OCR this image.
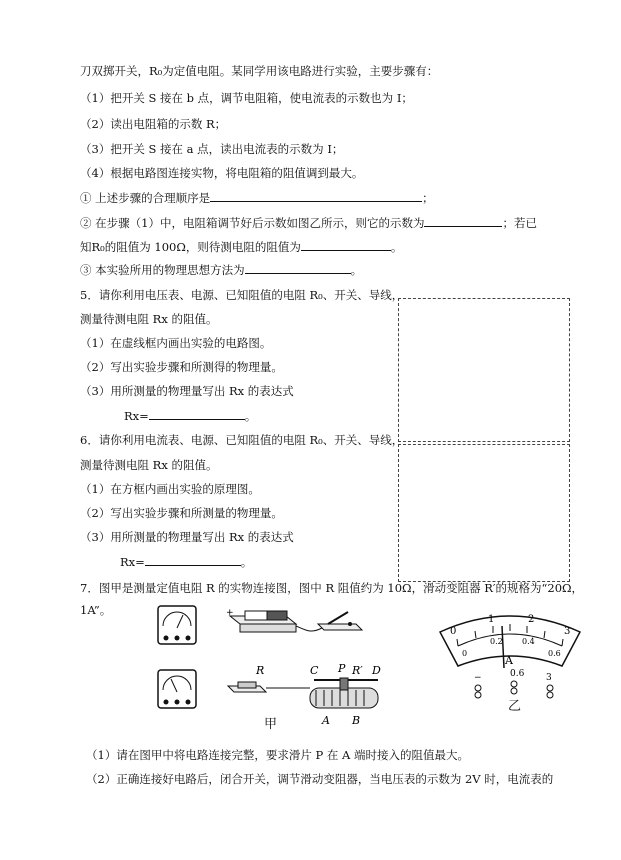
刀双掷开关，R₀为定值电阻。某同学用该电路进行实验，主要步骤有：
（1）把开关 S 接在 b 点，调节电阻箱，使电流表的示数也为 I；
（2）读出电阻箱的示数 R；
（3）把开关 S 接在 a 点，读出电流表的示数为 I；
（4）根据电路图连接实物，将电阻箱的阻值调到最大。
① 上述步骤的合理顺序是	；
② 在步骤（1）中，电阻箱调节好后示数如图乙所示，则它的示数为	；若已
知R₀的阻值为 100Ω，则待测电阻的阻值为	。
③ 本实验所用的物理思想方法为	。
5．请你利用电压表、电源、已知阻值的电阻 R₀、开关、导线，
测量待测电阻 Rx 的阻值。
（1）在虚线框内画出实验的电路图。
（2）写出实验步骤和所测得的物理量。
（3）用所测量的物理量写出 Rx 的表达式
Rx=	。
6．请你利用电流表、电源、已知阻值的电阻 R₀、开关、导线，
测量待测电阻 Rx 的阻值。
（1）在方框内画出实验的原理图。
（2）写出实验步骤和所测量的物理量。
（3）用所测量的物理量写出 Rx 的表达式
Rx=	。
7．图甲是测量定值电阻 R 的实物连接图，图中 R 阻值约为 10Ω，滑动变阻器 R′的规格为“20Ω，
1A”。	+
R	C P R′ D
A B
甲
0
1	2
3
0
0.2 0.4
0.6
A
−	0.6 3
乙
（1）请在图甲中将电路连接完整，要求滑片 P 在 A 端时接入的阻值最大。
（2）正确连接好电路后，闭合开关，调节滑动变阻器，当电压表的示数为 2V 时，电流表的
